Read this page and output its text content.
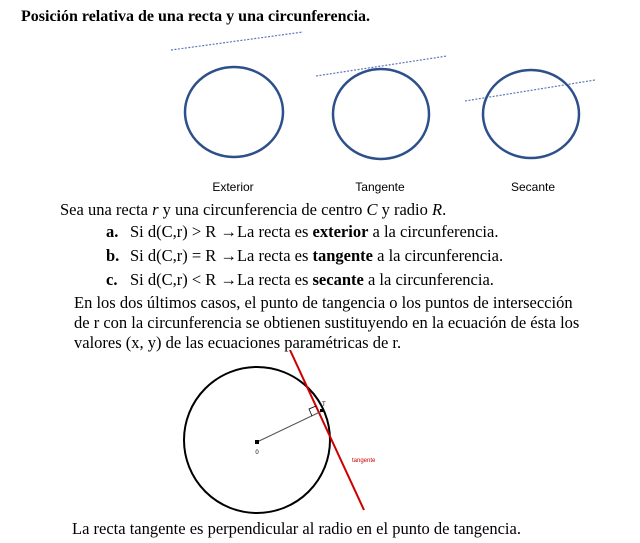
Posición relativa de una recta y una circunferencia.
Exterior	Tangente	Secante
Sea una recta r y una circunferencia de centro C y radio R.
a. Si d(C,r) > R →La recta es exterior a la circunferencia.
b. Si d(C,r) = R →La recta es tangente a la circunferencia.
c. Si d(C,r) < R →La recta es secante a la circunferencia.
En los dos últimos casos, el punto de tangencia o los puntos de intersección
de r con la circunferencia se obtienen sustituyendo en la ecuación de ésta los
valores (x, y) de las ecuaciones paramétricas de r.
0
T
tangente
La recta tangente es perpendicular al radio en el punto de tangencia.
